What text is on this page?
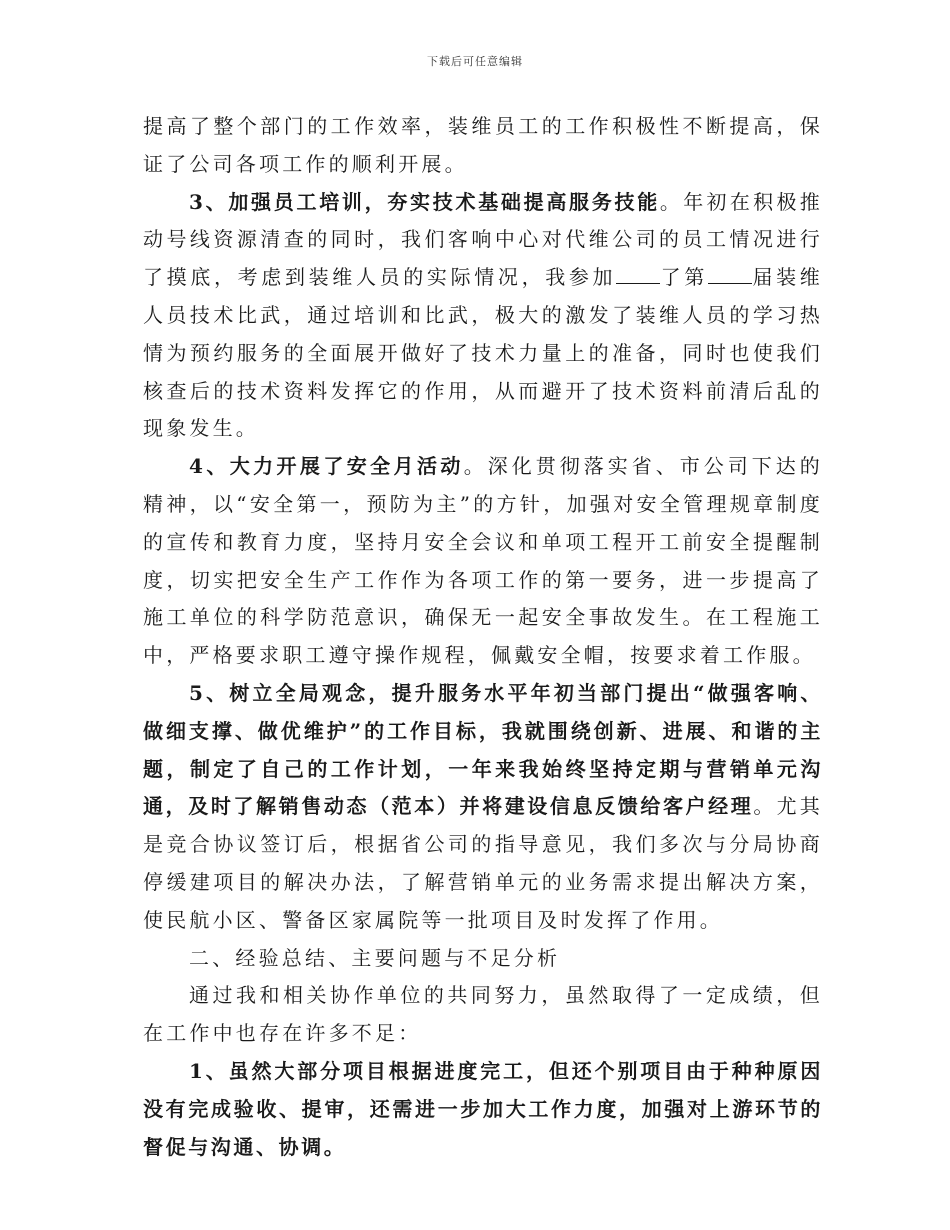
下载后可任意编辑

提高了整个部门的工作效率，装维员工的工作积极性不断提高，保证了公司各项工作的顺利开展。

3、加强员工培训，夯实技术基础提高服务技能。年初在积极推动号线资源清查的同时，我们客响中心对代维公司的员工情况进行了摸底，考虑到装维人员的实际情况，我参加 了第 届装维人员技术比武，通过培训和比武，极大的激发了装维人员的学习热情为预约服务的全面展开做好了技术力量上的准备，同时也使我们核查后的技术资料发挥它的作用，从而避开了技术资料前清后乱的现象发生。

4、大力开展了安全月活动。深化贯彻落实省、市公司下达的精神，以“安全第一，预防为主”的方针，加强对安全管理规章制度的宣传和教育力度，坚持月安全会议和单项工程开工前安全提醒制度，切实把安全生产工作作为各项工作的第一要务，进一步提高了施工单位的科学防范意识，确保无一起安全事故发生。在工程施工中，严格要求职工遵守操作规程，佩戴安全帽，按要求着工作服。

5、树立全局观念，提升服务水平年初当部门提出“做强客响、做细支撑、做优维护”的工作目标，我就围绕创新、进展、和谐的主题，制定了自己的工作计划，一年来我始终坚持定期与营销单元沟通，及时了解销售动态（范本）并将建设信息反馈给客户经理。尤其是竞合协议签订后，根据省公司的指导意见，我们多次与分局协商停缓建项目的解决办法，了解营销单元的业务需求提出解决方案，使民航小区、警备区家属院等一批项目及时发挥了作用。

二、经验总结、主要问题与不足分析

通过我和相关协作单位的共同努力，虽然取得了一定成绩，但在工作中也存在许多不足：

1、虽然大部分项目根据进度完工，但还个别项目由于种种原因没有完成验收、提审，还需进一步加大工作力度，加强对上游环节的督促与沟通、协调。
